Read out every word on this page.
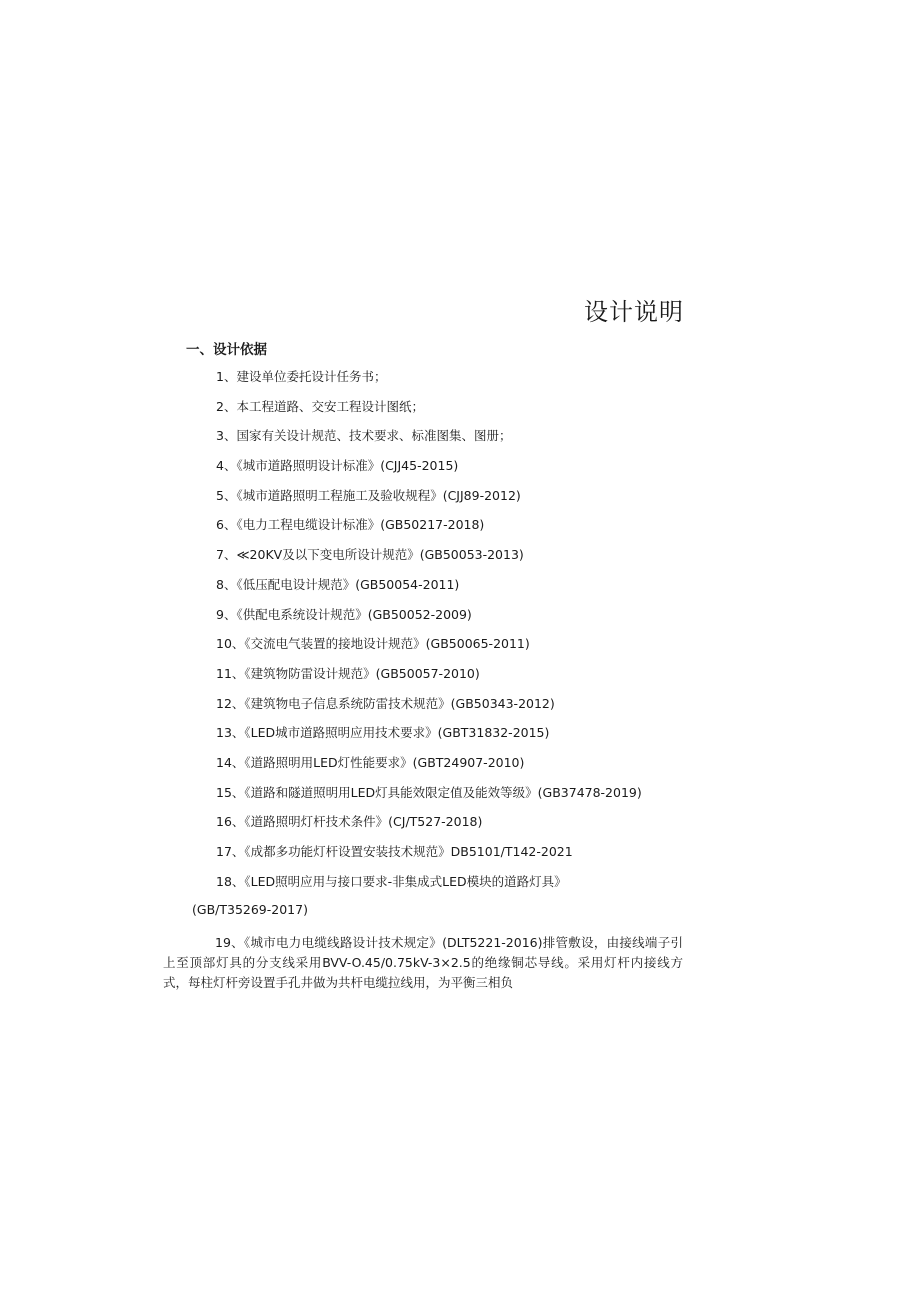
设计说明
一、设计依据
1、建设单位委托设计任务书；
2、本工程道路、交安工程设计图纸；
3、国家有关设计规范、技术要求、标准图集、图册；
4、《城市道路照明设计标准》(CJJ45-2015)
5、《城市道路照明工程施工及验收规程》(CJJ89-2012)
6、《电力工程电缆设计标准》(GB50217-2018)
7、≪20KV及以下变电所设计规范》(GB50053-2013)
8、《低压配电设计规范》(GB50054-2011)
9、《供配电系统设计规范》(GB50052-2009)
10、《交流电气装置的接地设计规范》(GB50065-2011)
11、《建筑物防雷设计规范》(GB50057-2010)
12、《建筑物电子信息系统防雷技术规范》(GB50343-2012)
13、《LED城市道路照明应用技术要求》(GBT31832-2015)
14、《道路照明用LED灯性能要求》(GBT24907-2010)
15、《道路和隧道照明用LED灯具能效限定值及能效等级》(GB37478-2019)
16、《道路照明灯杆技术条件》(CJ/T527-2018)
17、《成都多功能灯杆设置安装技术规范》DB5101/T142-2021
18、《LED照明应用与接口要求-非集成式LED模块的道路灯具》
(GB/T35269-2017)

19、《城市电力电缆线路设计技术规定》(DLT5221-2016)排管敷设，由接线端子引上至顶部灯具的分支线采用BVV-O.45/0.75kV-3×2.5的绝缘铜芯导线。采用灯杆内接线方式，每柱灯杆旁设置手孔井做为共杆电缆拉线用，为平衡三相负
